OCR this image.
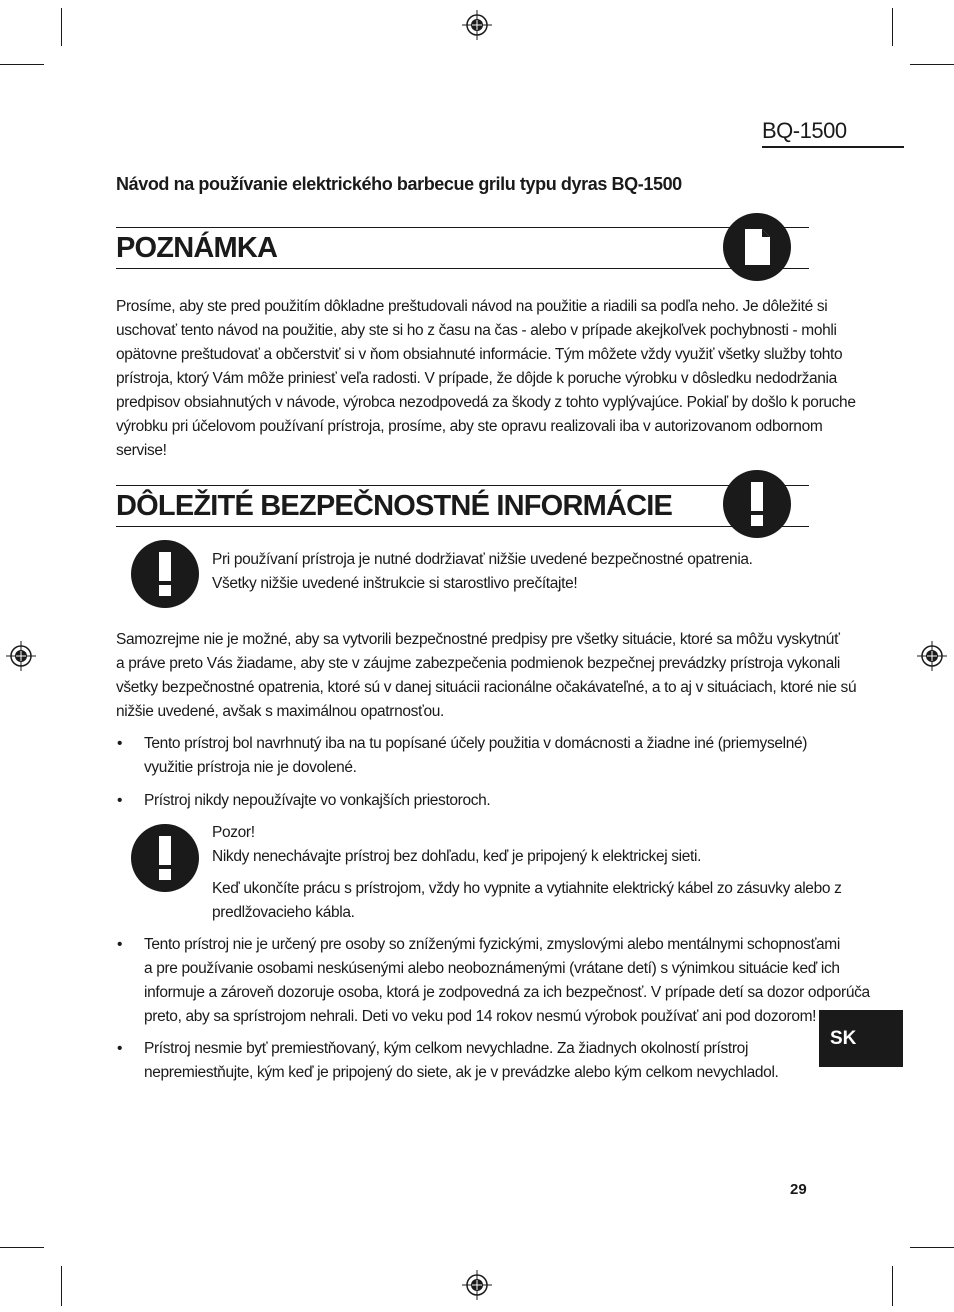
BQ-1500
Návod na používanie elektrického barbecue grilu typu dyras BQ-1500
POZNÁMKA
Prosíme, aby ste pred použitím dôkladne preštudovali návod na použitie a riadili sa podľa neho. Je dôležité si
uschovať tento návod na použitie, aby ste si ho z času na čas - alebo v prípade akejkoľvek pochybnosti - mohli
opätovne preštudovať a občerstviť si v ňom obsiahnuté informácie. Tým môžete vždy využiť všetky služby tohto
prístroja, ktorý Vám môže priniesť veľa radosti. V prípade, že dôjde k poruche výrobku v dôsledku nedodržania
predpisov obsiahnutých v návode, výrobca nezodpovedá za škody z tohto vyplývajúce. Pokiaľ by došlo k poruche
výrobku pri účelovom používaní prístroja, prosíme, aby ste opravu realizovali iba v autorizovanom odbornom
servise!
DÔLEŽITÉ BEZPEČNOSTNÉ INFORMÁCIE
Pri používaní prístroja je nutné dodržiavať nižšie uvedené bezpečnostné opatrenia.
Všetky nižšie uvedené inštrukcie si starostlivo prečítajte!
Samozrejme nie je možné, aby sa vytvorili bezpečnostné predpisy pre všetky situácie, ktoré sa môžu vyskytnúť
a práve preto Vás žiadame, aby ste v záujme zabezpečenia podmienok bezpečnej prevádzky prístroja vykonali
všetky bezpečnostné opatrenia, ktoré sú v danej situácii racionálne očakávateľné, a to aj v situáciach, ktoré nie sú
nižšie uvedené, avšak s maximálnou opatrnosťou.
• Tento prístroj bol navrhnutý iba na tu popísané účely použitia v domácnosti a žiadne iné (priemyselné)
využitie prístroja nie je dovolené.
• Prístroj nikdy nepoužívajte vo vonkajších priestoroch.
Pozor!
Nikdy nenechávajte prístroj bez dohľadu, keď je pripojený k elektrickej sieti.
Keď ukončíte prácu s prístrojom, vždy ho vypnite a vytiahnite elektrický kábel zo zásuvky alebo z
predlžovacieho kábla.
• Tento prístroj nie je určený pre osoby so zníženými fyzickými, zmyslovými alebo mentálnymi schopnosťami
a pre používanie osobami neskúsenými alebo neoboznámenými (vrátane detí) s výnimkou situácie keď ich
informuje a zároveň dozoruje osoba, ktorá je zodpovedná za ich bezpečnosť. V prípade detí sa dozor odporúča
preto, aby sa sprístrojom nehrali. Deti vo veku pod 14 rokov nesmú výrobok používať ani pod dozorom!
• Prístroj nesmie byť premiestňovaný, kým celkom nevychladne. Za žiadnych okolností prístroj
nepremiestňujte, kým keď je pripojený do siete, ak je v prevádzke alebo kým celkom nevychladol.
SK
29
